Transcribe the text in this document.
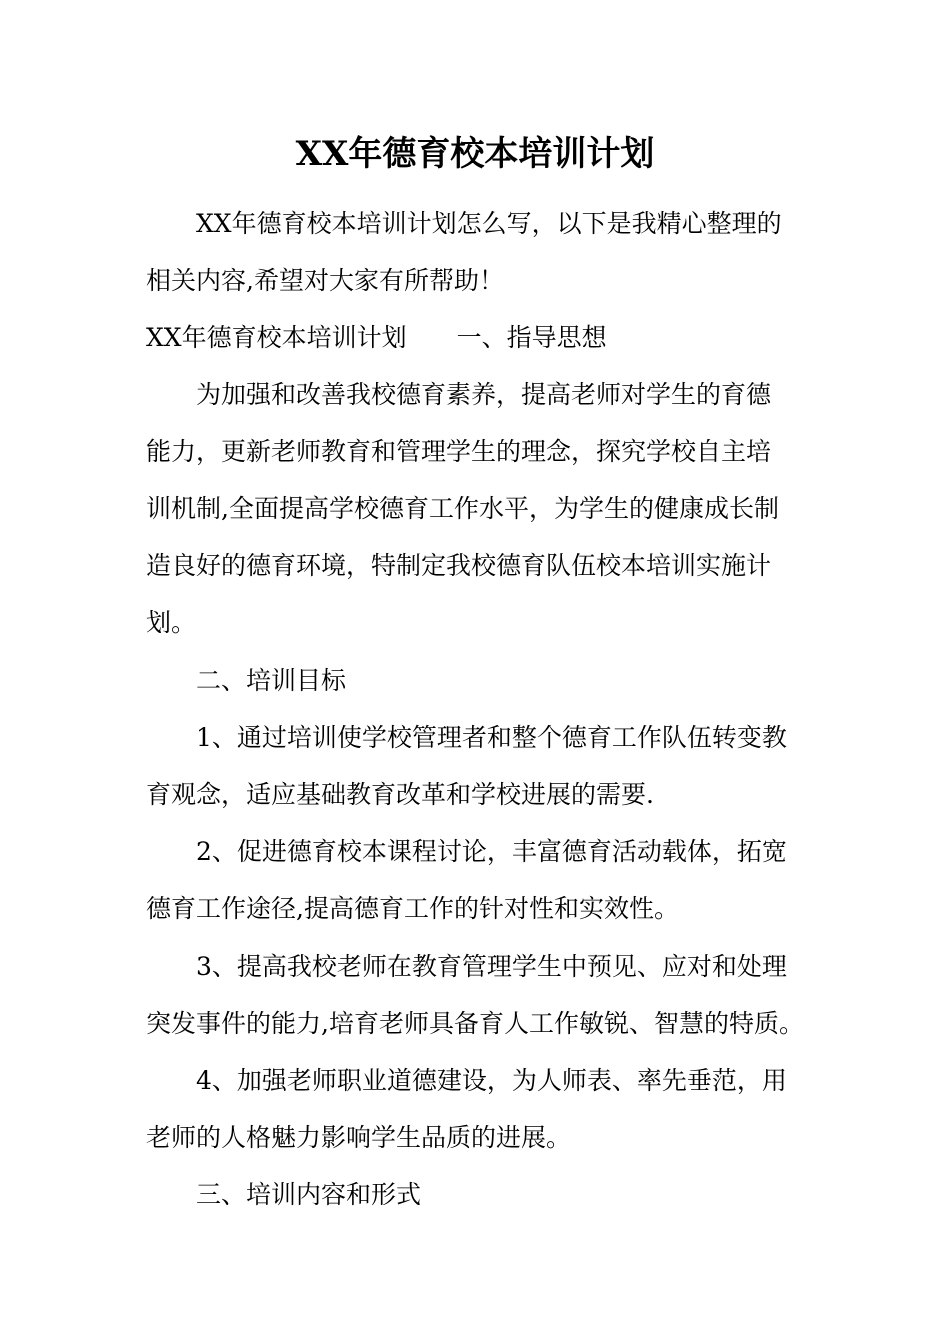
XX年德育校本培训计划
XX年德育校本培训计划怎么写，以下是我精心整理的
相关内容,希望对大家有所帮助！
XX年德育校本培训计划 一、指导思想
为加强和改善我校德育素养，提高老师对学生的育德
能力，更新老师教育和管理学生的理念，探究学校自主培
训机制,全面提高学校德育工作水平，为学生的健康成长制
造良好的德育环境，特制定我校德育队伍校本培训实施计
划。
二、培训目标
1、通过培训使学校管理者和整个德育工作队伍转变教
育观念，适应基础教育改革和学校进展的需要.
2、促进德育校本课程讨论，丰富德育活动载体，拓宽
德育工作途径,提高德育工作的针对性和实效性。
3、提高我校老师在教育管理学生中预见、应对和处理
突发事件的能力,培育老师具备育人工作敏锐、智慧的特质。
4、加强老师职业道德建设，为人师表、率先垂范，用
老师的人格魅力影响学生品质的进展。
三、培训内容和形式
